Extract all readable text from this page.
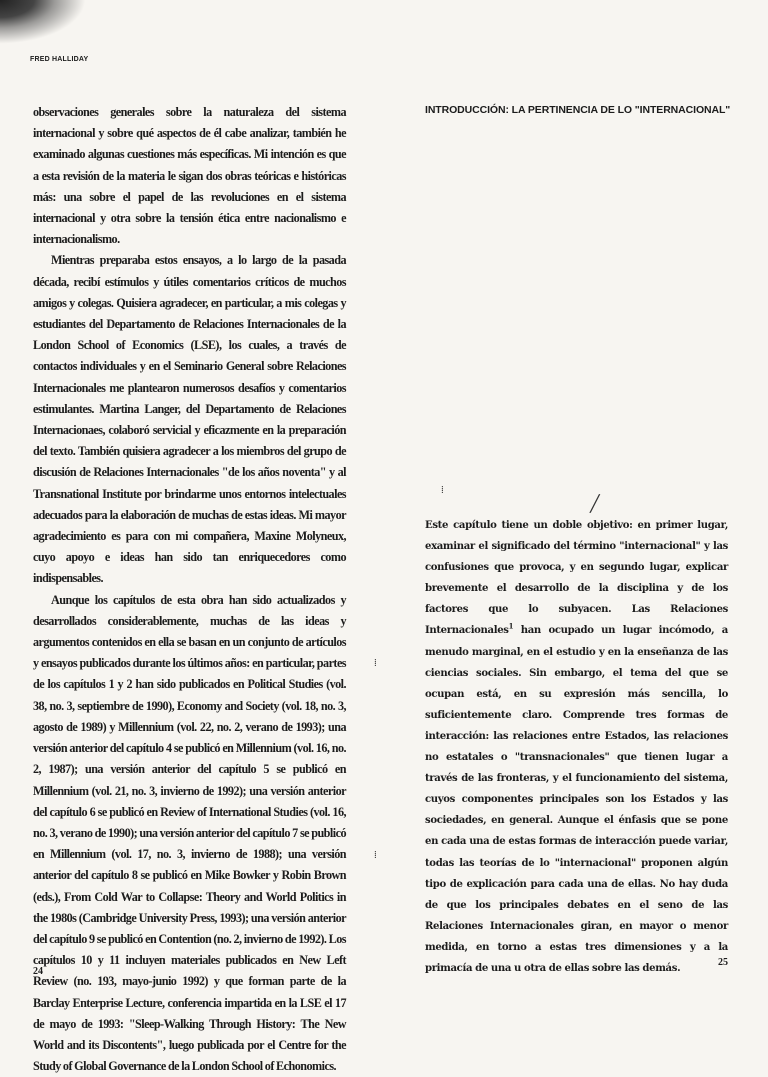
FRED HALLIDAY

observaciones generales sobre la naturaleza del sistema internacional y sobre qué aspectos de él cabe analizar, también he examinado algunas cuestiones más específicas. Mi intención es que a esta revisión de la materia le sigan dos obras teóricas e históricas más: una sobre el papel de las revoluciones en el sistema internacional y otra sobre la tensión ética entre nacionalismo e internacionalismo.

Mientras preparaba estos ensayos, a lo largo de la pasada década, recibí estímulos y útiles comentarios críticos de muchos amigos y colegas. Quisiera agradecer, en particular, a mis colegas y estudiantes del Departamento de Relaciones Internacionales de la London School of Economics (LSE), los cuales, a través de contactos individuales y en el Seminario General sobre Relaciones Internacionales me plantearon numerosos desafíos y comentarios estimulantes. Martina Langer, del Departamento de Relaciones Internacionaes, colaboró servicial y eficazmente en la preparación del texto. También quisiera agradecer a los miembros del grupo de discusión de Relaciones Internacionales "de los años noventa" y al Transnational Institute por brindarme unos entornos intelectuales adecuados para la elaboración de muchas de estas ideas. Mi mayor agradecimiento es para con mi compañera, Maxine Molyneux, cuyo apoyo e ideas han sido tan enriquecedores como indispensables.

Aunque los capítulos de esta obra han sido actualizados y desarrollados considerablemente, muchas de las ideas y argumentos contenidos en ella se basan en un conjunto de artículos y ensayos publicados durante los últimos años: en particular, partes de los capítulos 1 y 2 han sido publicados en Political Studies (vol. 38, no. 3, septiembre de 1990), Economy and Society (vol. 18, no. 3, agosto de 1989) y Millennium (vol. 22, no. 2, verano de 1993); una versión anterior del capítulo 4 se publicó en Millennium (vol. 16, no. 2, 1987); una versión anterior del capítulo 5 se publicó en Millennium (vol. 21, no. 3, invierno de 1992); una versión anterior del capítulo 6 se publicó en Review of International Studies (vol. 16, no. 3, verano de 1990); una versión anterior del capítulo 7 se publicó en Millennium (vol. 17, no. 3, invierno de 1988); una versión anterior del capítulo 8 se publicó en Mike Bowker y Robin Brown (eds.), From Cold War to Collapse: Theory and World Politics in the 1980s (Cambridge University Press, 1993); una versión anterior del capítulo 9 se publicó en Contention (no. 2, invierno de 1992). Los capítulos 10 y 11 incluyen materiales publicados en New Left Review (no. 193, mayo-junio 1992) y que forman parte de la Barclay Enterprise Lecture, conferencia impartida en la LSE el 17 de mayo de 1993: "Sleep-Walking Through History: The New World and its Discontents", luego publicada por el Centre for the Study of Global Governance de la London School of Echonomics.

INTRODUCCIÓN: LA PERTINENCIA DE LO "INTERNACIONAL"

Este capítulo tiene un doble objetivo: en primer lugar, examinar el significado del término "internacional" y las confusiones que provoca, y en segundo lugar, explicar brevemente el desarrollo de la disciplina y de los factores que lo subyacen. Las Relaciones Internacionales$^1$ han ocupado un lugar incómodo, a menudo marginal, en el estudio y en la enseñanza de las ciencias sociales. Sin embargo, el tema del que se ocupan está, en su expresión más sencilla, lo suficientemente claro. Comprende tres formas de interacción: las relaciones entre Estados, las relaciones no estatales o "transnacionales" que tienen lugar a través de las fronteras, y el funcionamiento del sistema, cuyos componentes principales son los Estados y las sociedades, en general. Aunque el énfasis que se pone en cada una de estas formas de interacción puede variar, todas las teorías de lo "internacional" proponen algún tipo de explicación para cada una de ellas. No hay duda de que los principales debates en el seno de las Relaciones Internacionales giran, en mayor o menor medida, en torno a estas tres dimensiones y a la primacía de una u otra de ellas sobre las demás.

⁞
⁞
⁞
╱
24
25
